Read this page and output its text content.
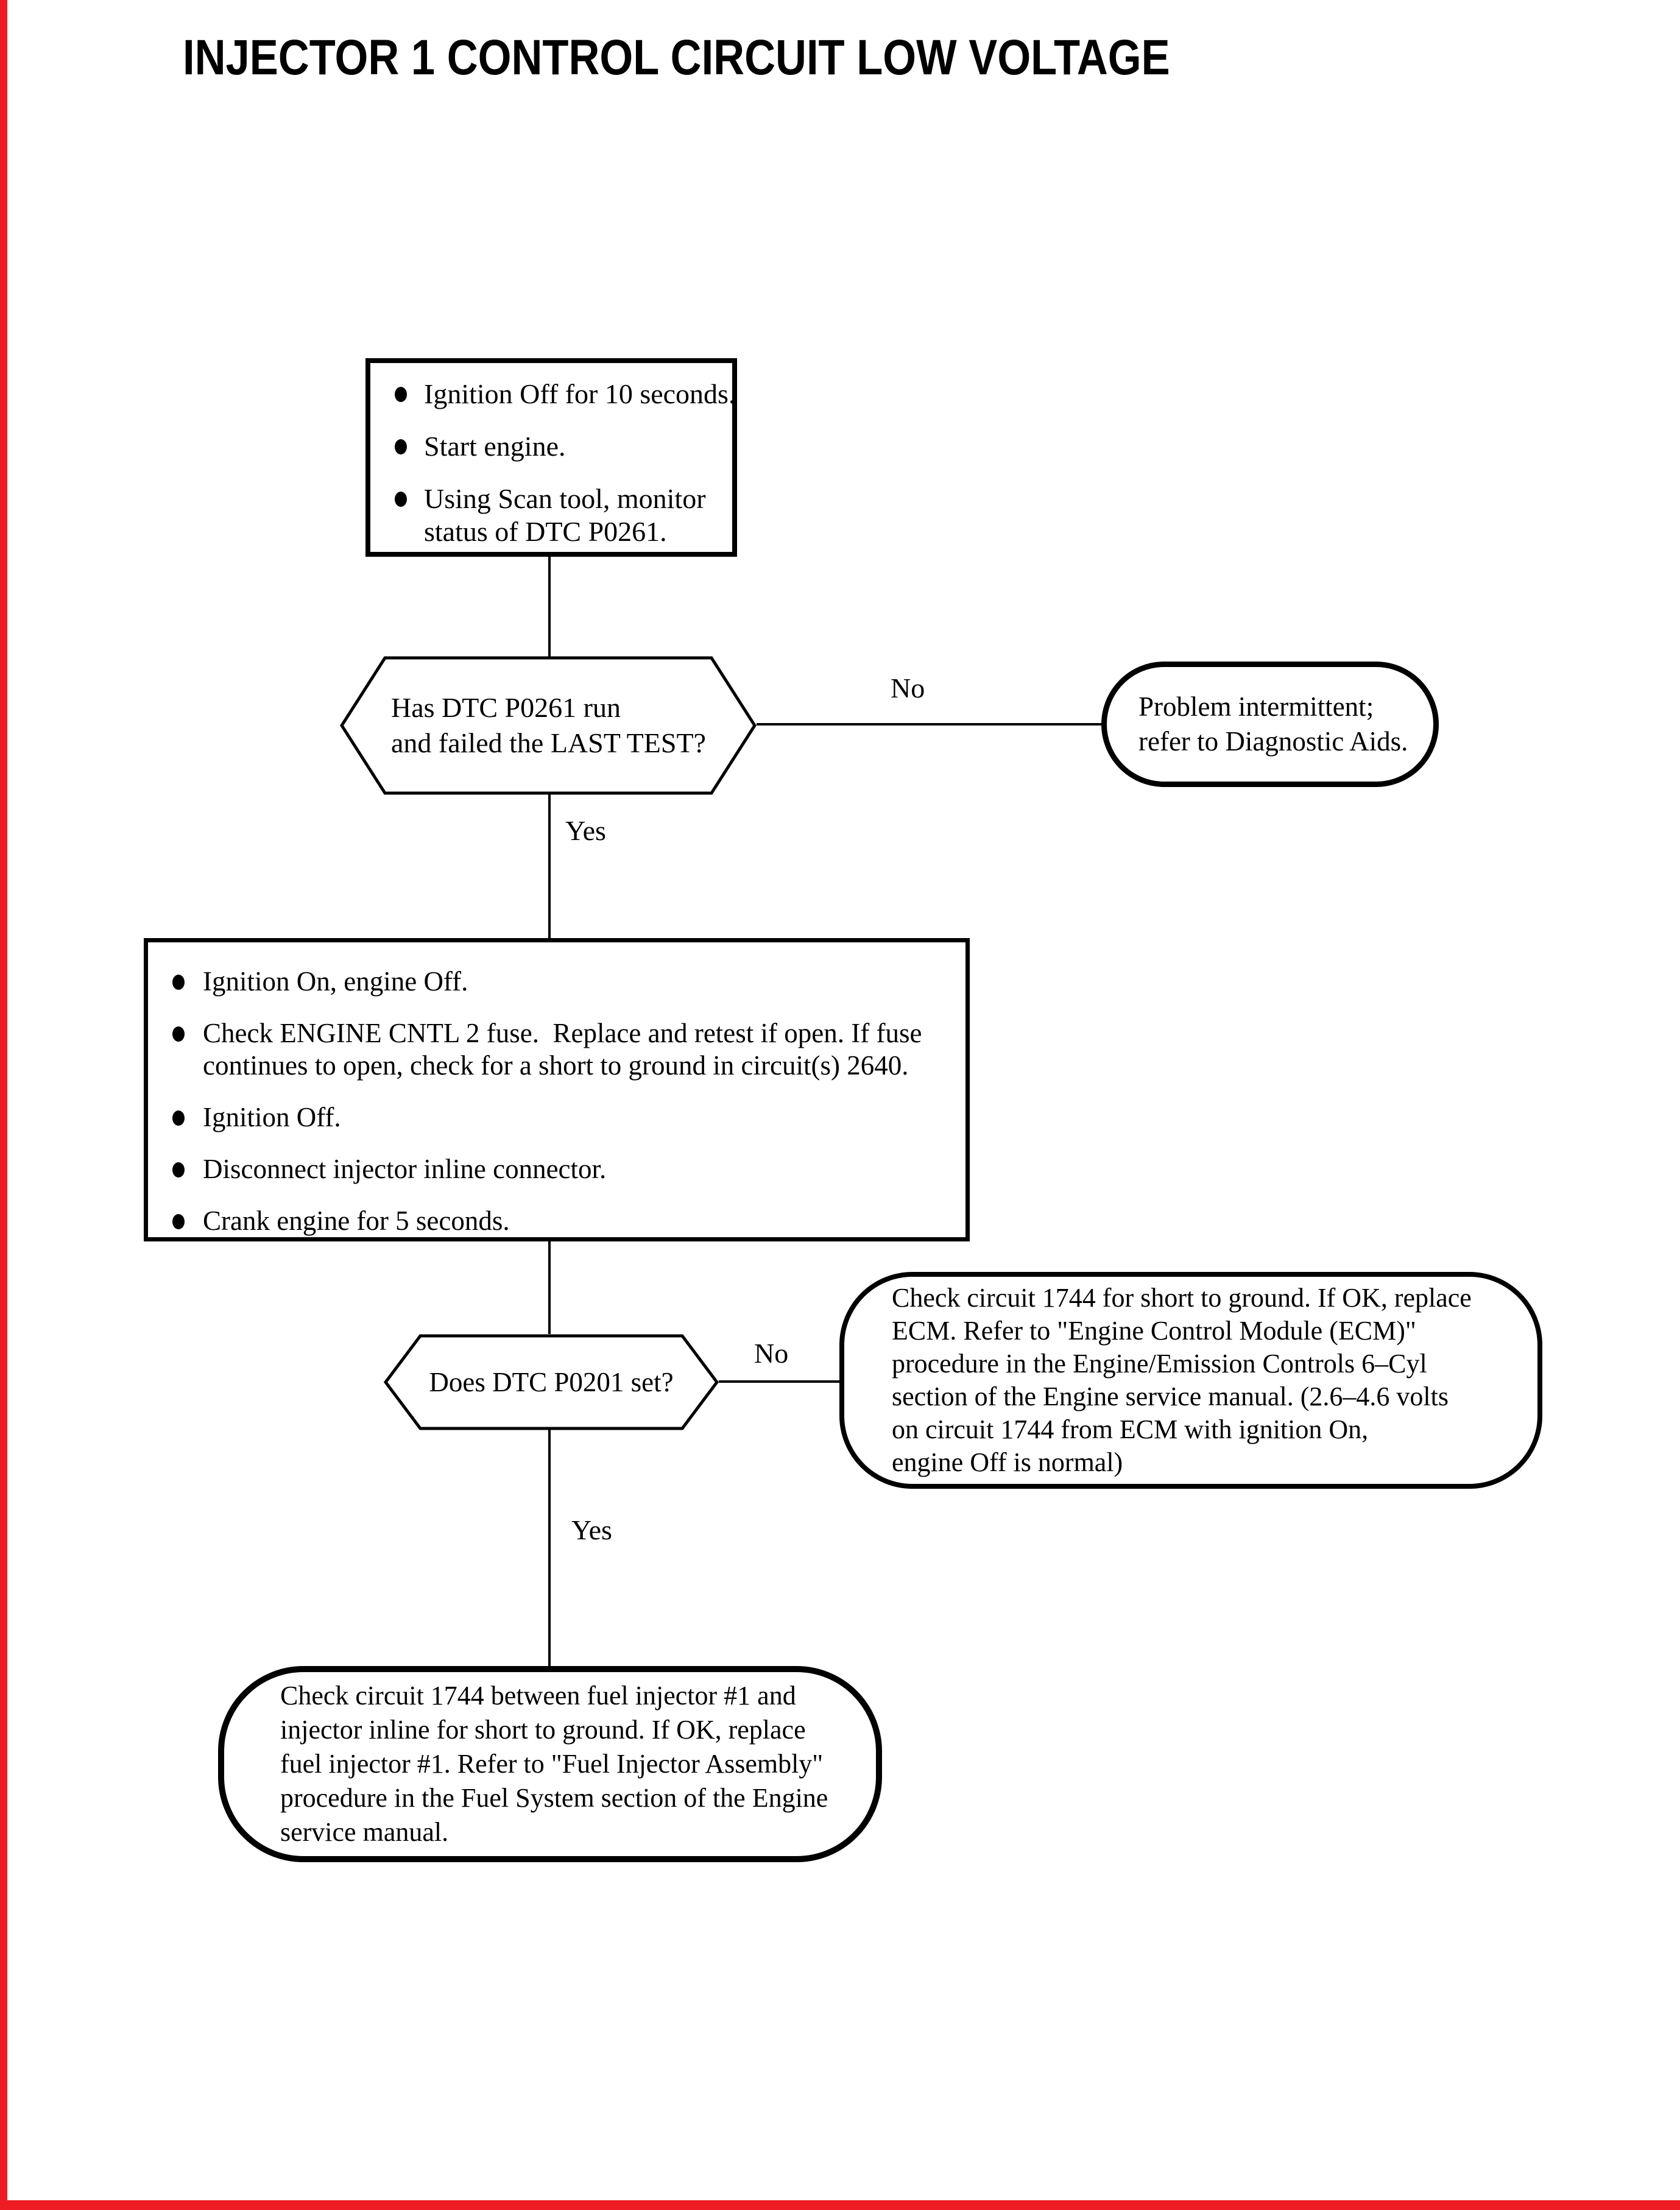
INJECTOR 1 CONTROL CIRCUIT LOW VOLTAGE
Ignition Off for 10 seconds.
Start engine.
Using Scan tool, monitor
status of DTC P0261.
Has DTC P0261 run
and failed the LAST TEST?
No
Yes
Problem intermittent;
refer to Diagnostic Aids.
Ignition On, engine Off.
Check ENGINE CNTL 2 fuse.  Replace and retest if open. If fuse
continues to open, check for a short to ground in circuit(s) 2640.
Ignition Off.
Disconnect injector inline connector.
Crank engine for 5 seconds.
Does DTC P0201 set?
No
Yes
Check circuit 1744 for short to ground. If OK, replace
ECM. Refer to "Engine Control Module (ECM)"
procedure in the Engine/Emission Controls 6–Cyl
section of the Engine service manual. (2.6–4.6 volts
on circuit 1744 from ECM with ignition On,
engine Off is normal)
Check circuit 1744 between fuel injector #1 and
injector inline for short to ground. If OK, replace
fuel injector #1. Refer to "Fuel Injector Assembly"
procedure in the Fuel System section of the Engine
service manual.
